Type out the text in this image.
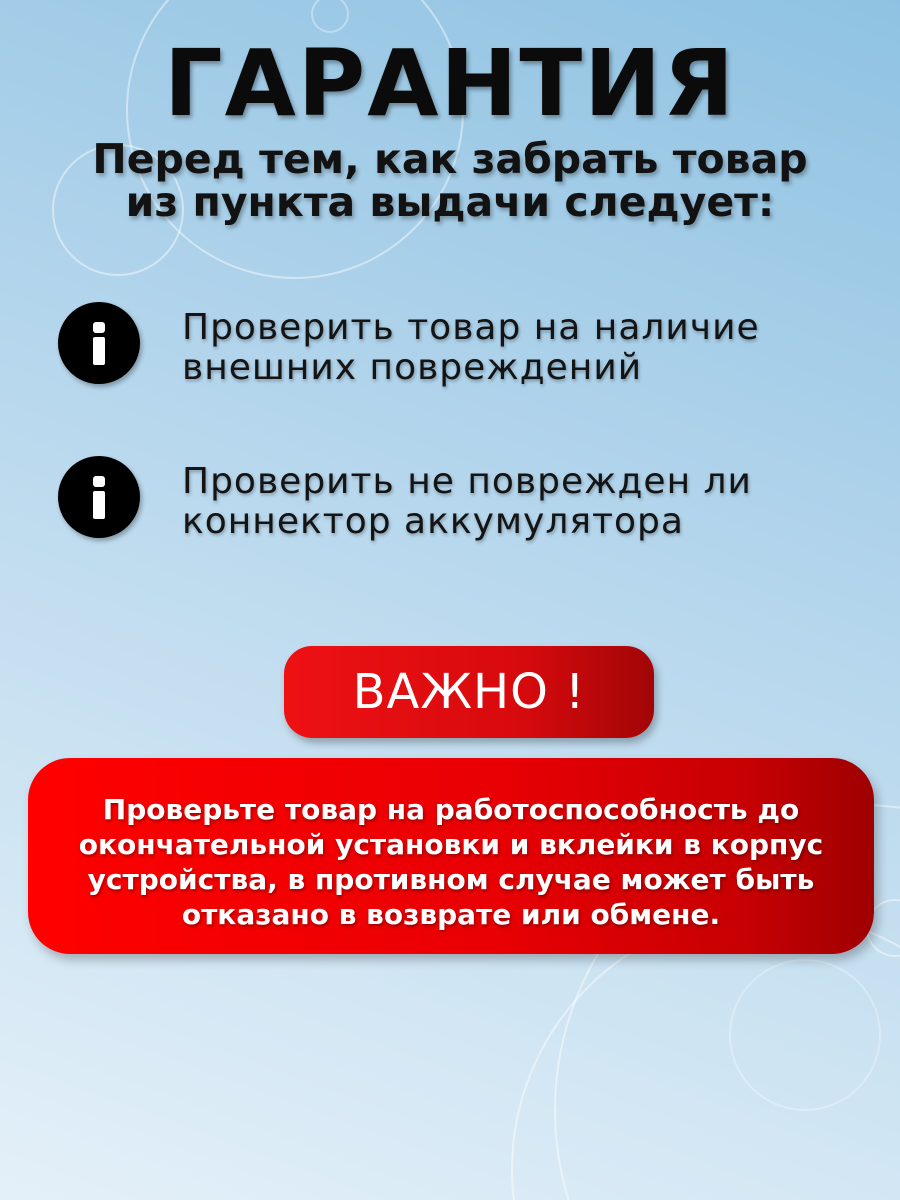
ГАРАНТИЯ
Перед тем, как забрать товар из пункта выдачи следует:
Проверить товар на наличие внешних повреждений
Проверить не поврежден ли коннектор аккумулятора
ВАЖНО !
Проверьте товар на работоспособность до окончательной установки и вклейки в корпус устройства, в противном случае может быть отказано в возврате или обмене.
